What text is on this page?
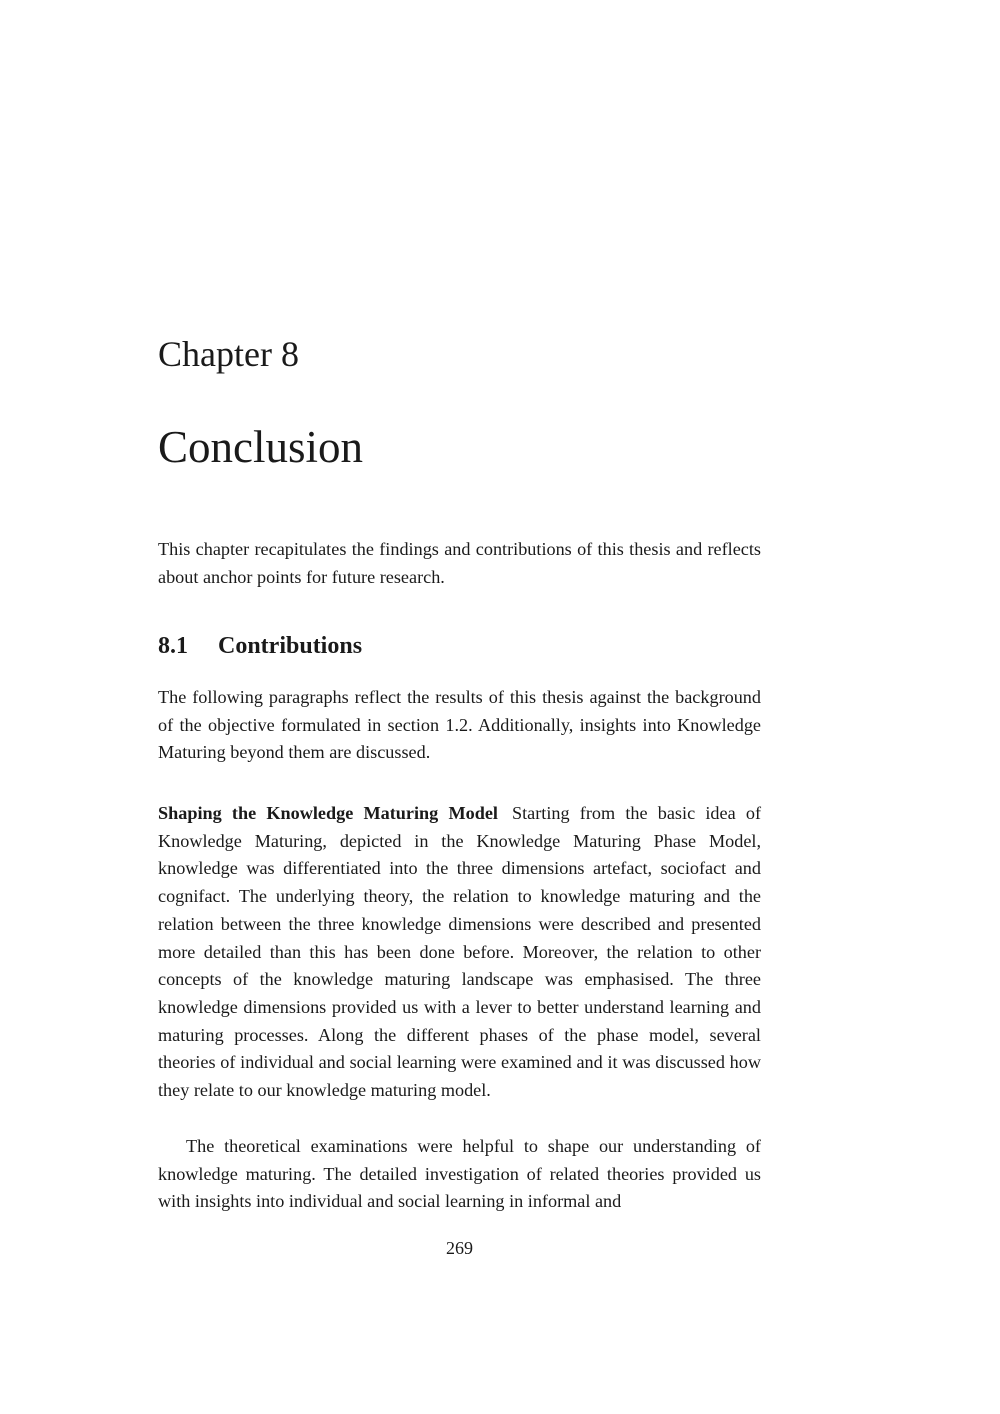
Chapter 8
Conclusion

This chapter recapitulates the findings and contributions of this thesis and reflects about anchor points for future research.

8.1 Contributions

The following paragraphs reflect the results of this thesis against the background of the objective formulated in section 1.2. Additionally, insights into Knowledge Maturing beyond them are discussed.

Shaping the Knowledge Maturing Model Starting from the basic idea of Knowledge Maturing, depicted in the Knowledge Maturing Phase Model, knowledge was differentiated into the three dimensions artefact, sociofact and cognifact. The underlying theory, the relation to knowledge maturing and the relation between the three knowledge dimensions were described and presented more detailed than this has been done before. Moreover, the relation to other concepts of the knowledge maturing landscape was emphasised. The three knowledge dimensions provided us with a lever to better understand learning and maturing processes. Along the different phases of the phase model, several theories of individual and social learning were examined and it was discussed how they relate to our knowledge maturing model.

The theoretical examinations were helpful to shape our understanding of knowledge maturing. The detailed investigation of related theories provided us with insights into individual and social learning in informal and

269
